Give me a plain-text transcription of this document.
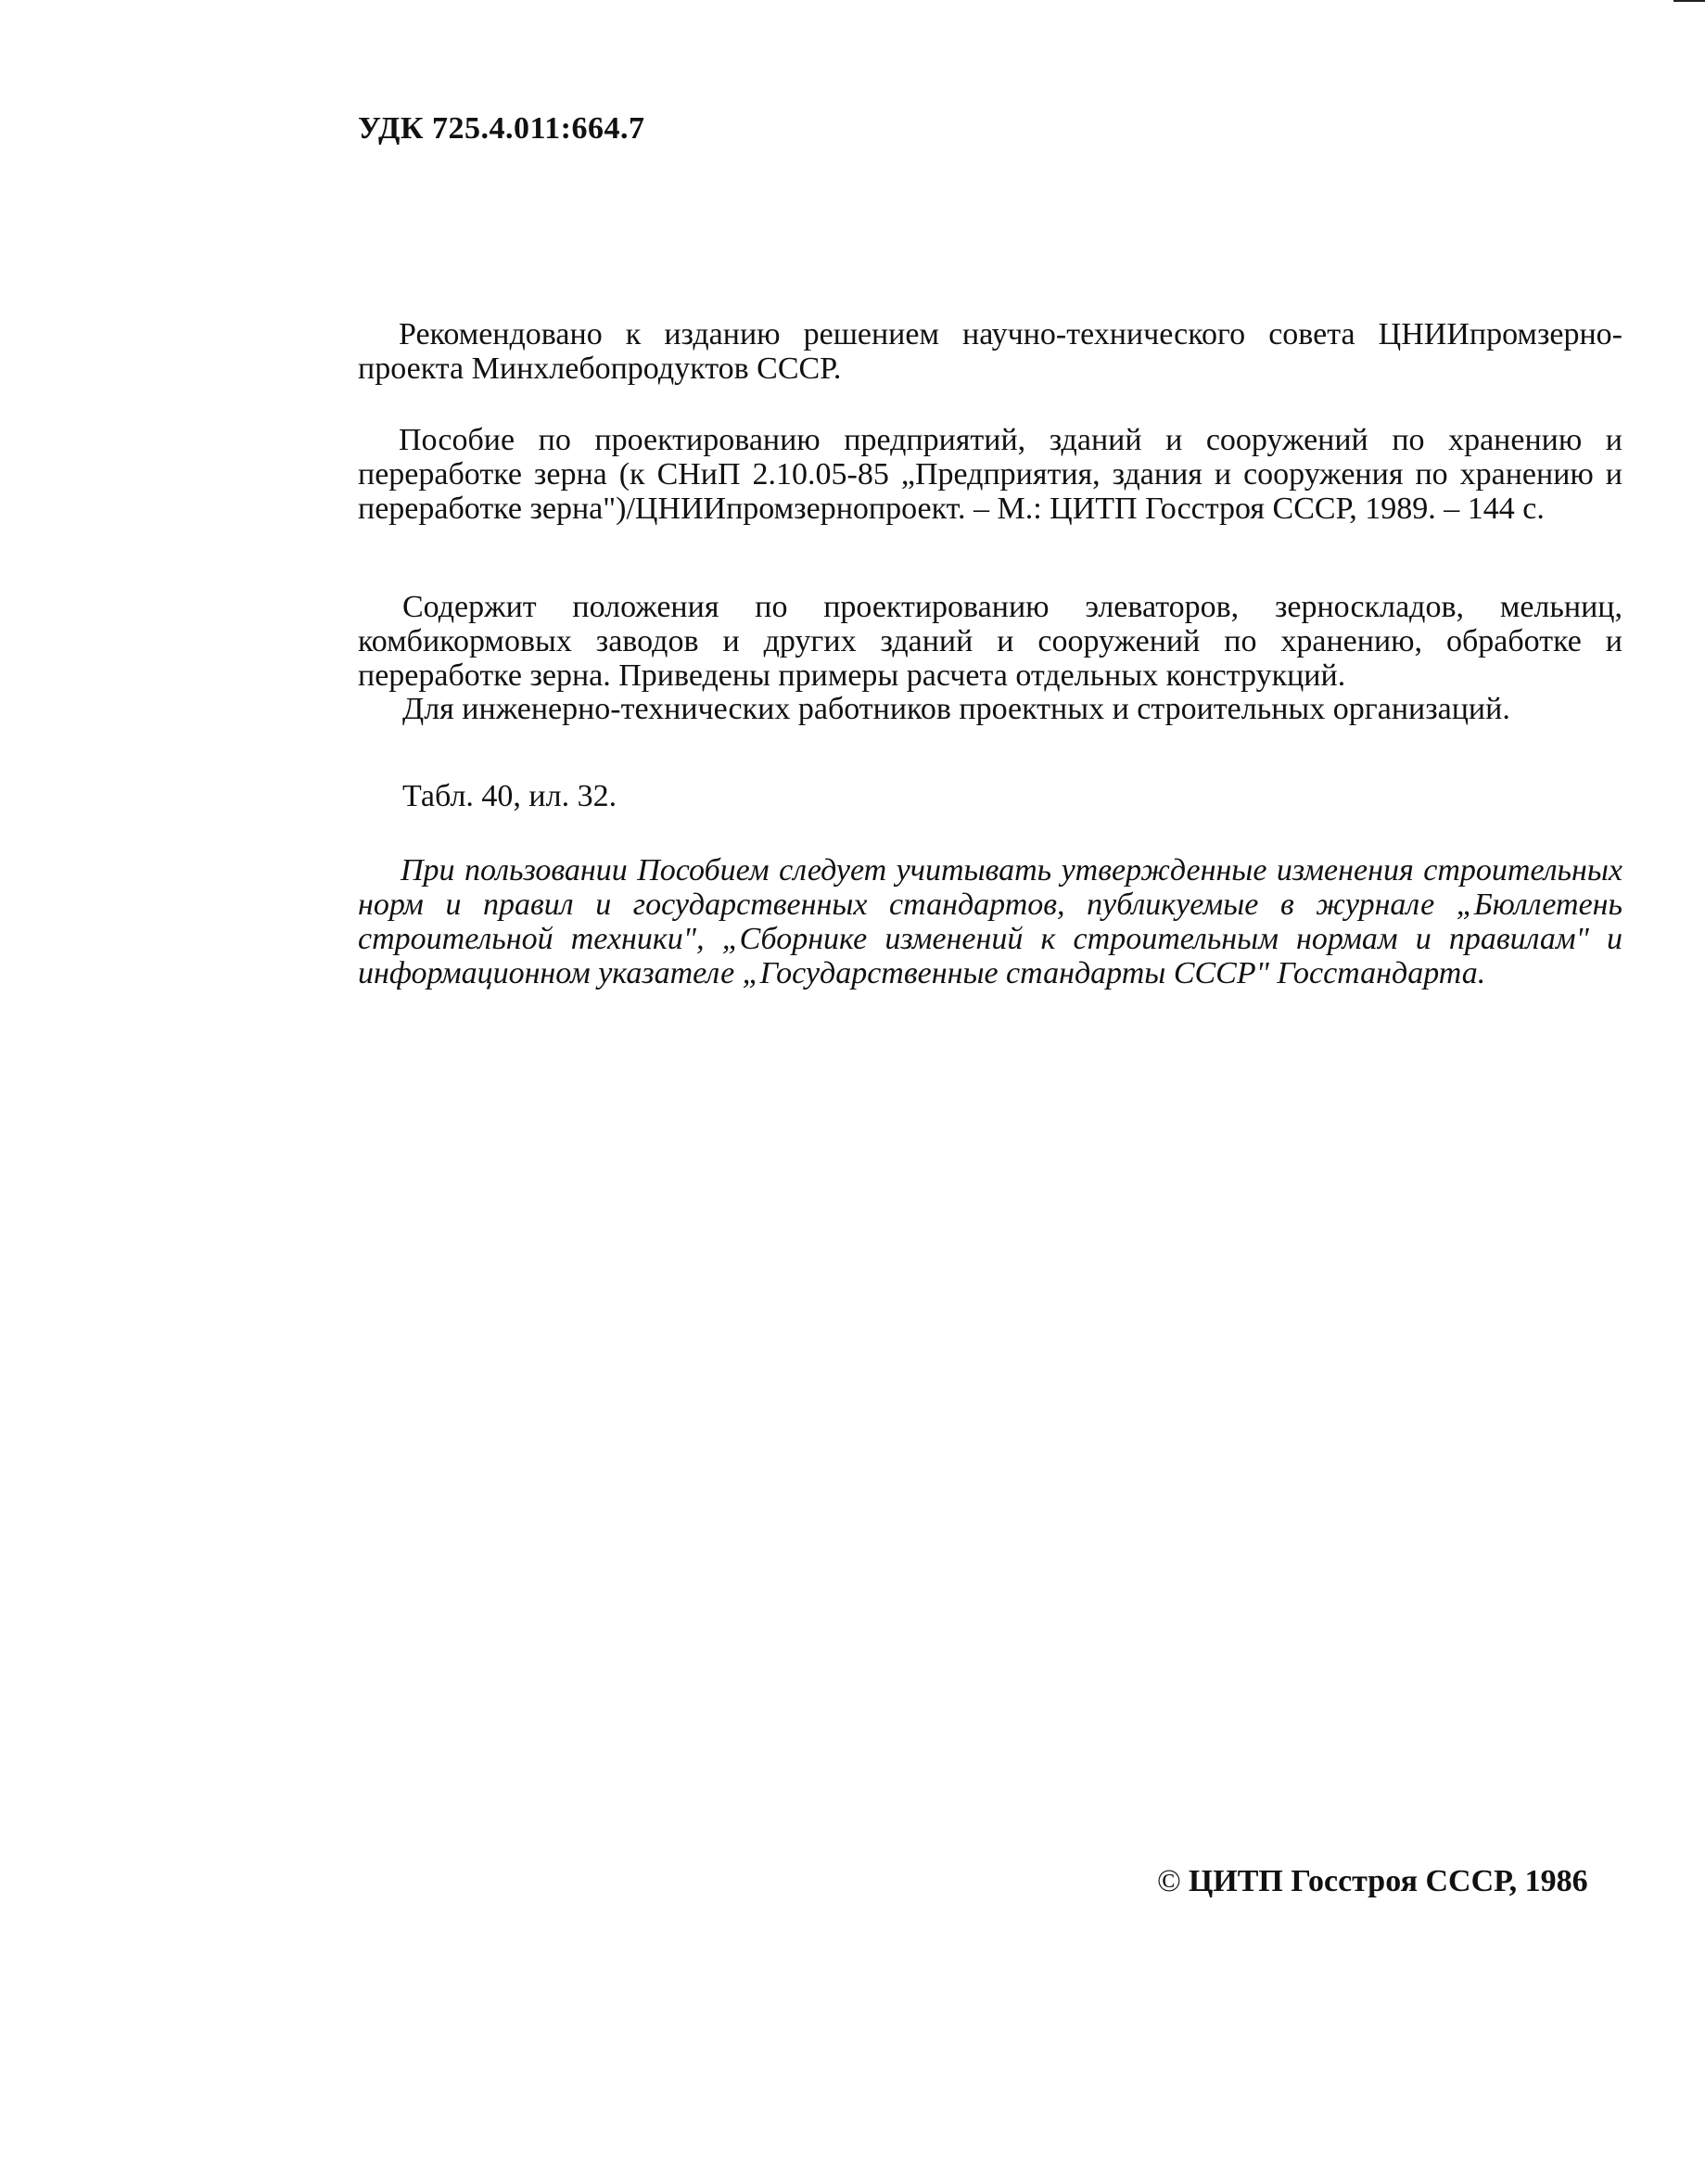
УДК 725.4.011:664.7

Рекомендовано к изданию решением научно-технического совета ЦНИИпромзерно-проекта Минхлебопродуктов СССР.

Пособие по проектированию предприятий, зданий и сооружений по хранению и переработке зерна (к СНиП 2.10.05-85 „Предприятия, здания и сооружения по хранению и переработке зерна")/ЦНИИпромзернопроект. – М.: ЦИТП Госстроя СССР, 1989. – 144 с.

Содержит положения по проектированию элеваторов, зерноскладов, мельниц, комбикормовых заводов и других зданий и сооружений по хранению, обработке и переработке зерна. Приведены примеры расчета отдельных конструкций.

Для инженерно-технических работников проектных и строительных организаций.

Табл. 40, ил. 32.

При пользовании Пособием следует учитывать утвержденные изменения строительных норм и правил и государственных стандартов, публикуемые в журнале „Бюллетень строительной техники", „Сборнике изменений к строительным нормам и правилам" и информационном указателе „Государственные стандарты СССР" Госстандарта.

© ЦИТП Госстроя СССР, 1986
